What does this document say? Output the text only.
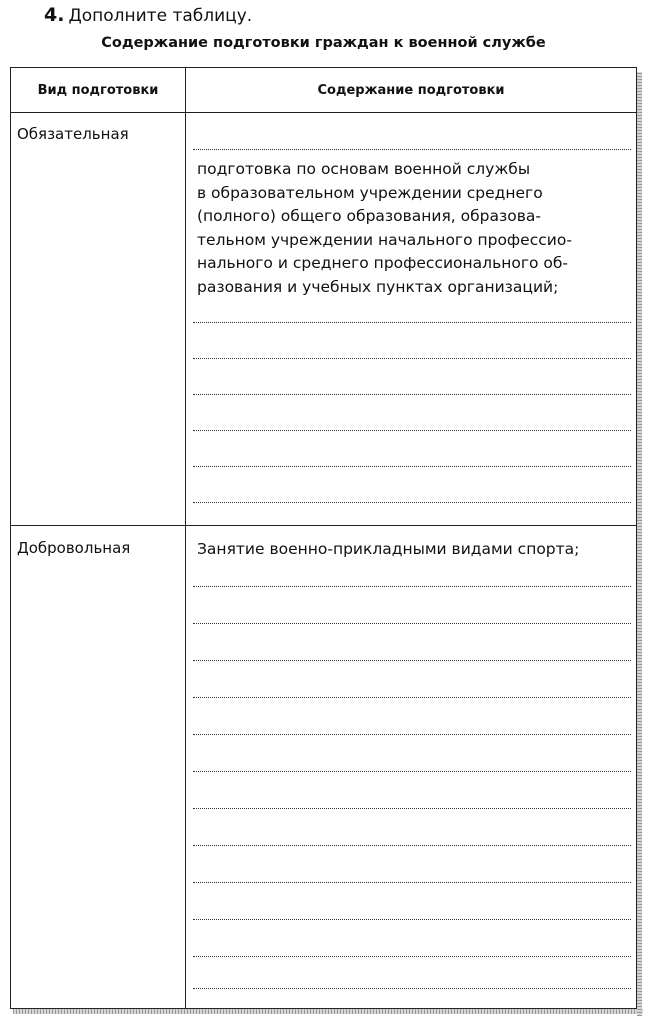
4. Дополните таблицу.
Содержание подготовки граждан к военной службе
Вид подготовки	Содержание подготовки
Обязательная
подготовка по основам военной службы
в образовательном учреждении среднего
(полного) общего образования, образова-
тельном учреждении начального профессио-
нального и среднего профессионального об-
разования и учебных пунктах организаций;
Добровольная	Занятие военно-прикладными видами спорта;
